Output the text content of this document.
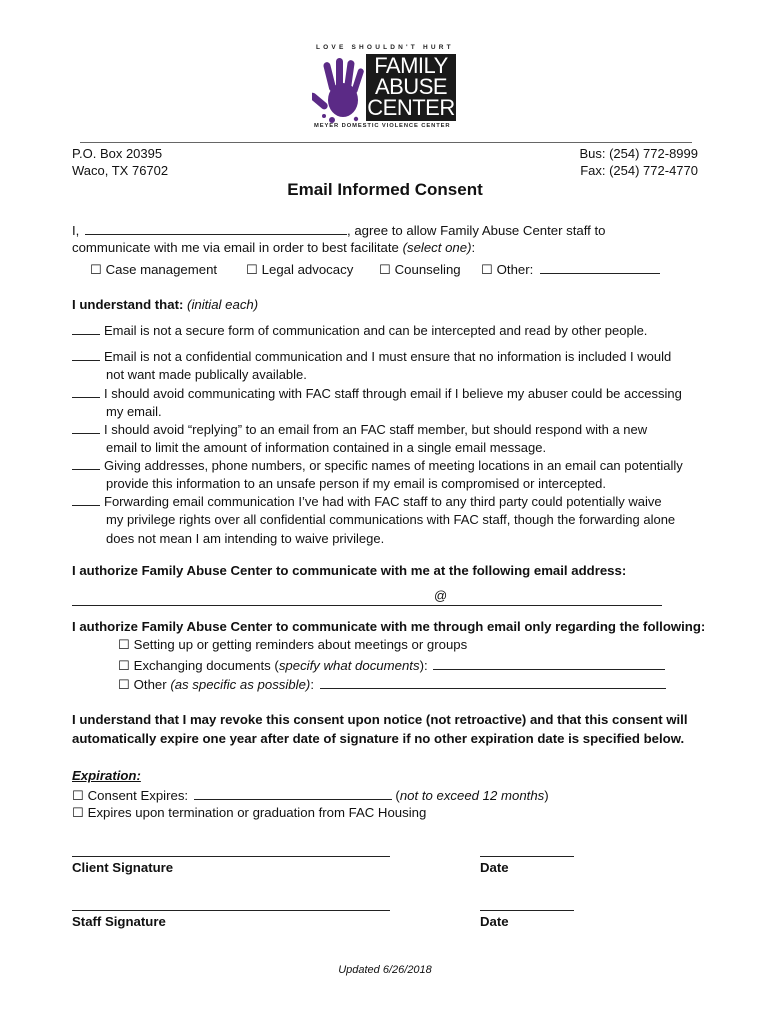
LOVE SHOULDN'T HURT
FAMILY
ABUSE
CENTER
MEYER DOMESTIC VIOLENCE CENTER
P.O. Box 20395
Waco, TX 76702
Bus: (254) 772-8999
Fax: (254) 772-4770
Email Informed Consent
I,	, agree to allow Family Abuse Center staff to
communicate with me via email in order to best facilitate (select one):
☐ Case management ☐ Legal advocacy ☐ Counseling ☐ Other:
I understand that: (initial each)
Email is not a secure form of communication and can be intercepted and read by other people.
Email is not a confidential communication and I must ensure that no information is included I would
not want made publically available.
I should avoid communicating with FAC staff through email if I believe my abuser could be accessing
my email.
I should avoid “replying” to an email from an FAC staff member, but should respond with a new
email to limit the amount of information contained in a single email message.
Giving addresses, phone numbers, or specific names of meeting locations in an email can potentially
provide this information to an unsafe person if my email is compromised or intercepted.
Forwarding email communication I’ve had with FAC staff to any third party could potentially waive
my privilege rights over all confidential communications with FAC staff, though the forwarding alone
does not mean I am intending to waive privilege.
I authorize Family Abuse Center to communicate with me at the following email address:
@
I authorize Family Abuse Center to communicate with me through email only regarding the following:
☐ Setting up or getting reminders about meetings or groups
☐ Exchanging documents (specify what documents):
☐ Other (as specific as possible):
I understand that I may revoke this consent upon notice (not retroactive) and that this consent will
automatically expire one year after date of signature if no other expiration date is specified below.
Expiration:
☐ Consent Expires:	(not to exceed 12 months)
☐ Expires upon termination or graduation from FAC Housing
Client Signature	Date
Staff Signature	Date
Updated 6/26/2018
